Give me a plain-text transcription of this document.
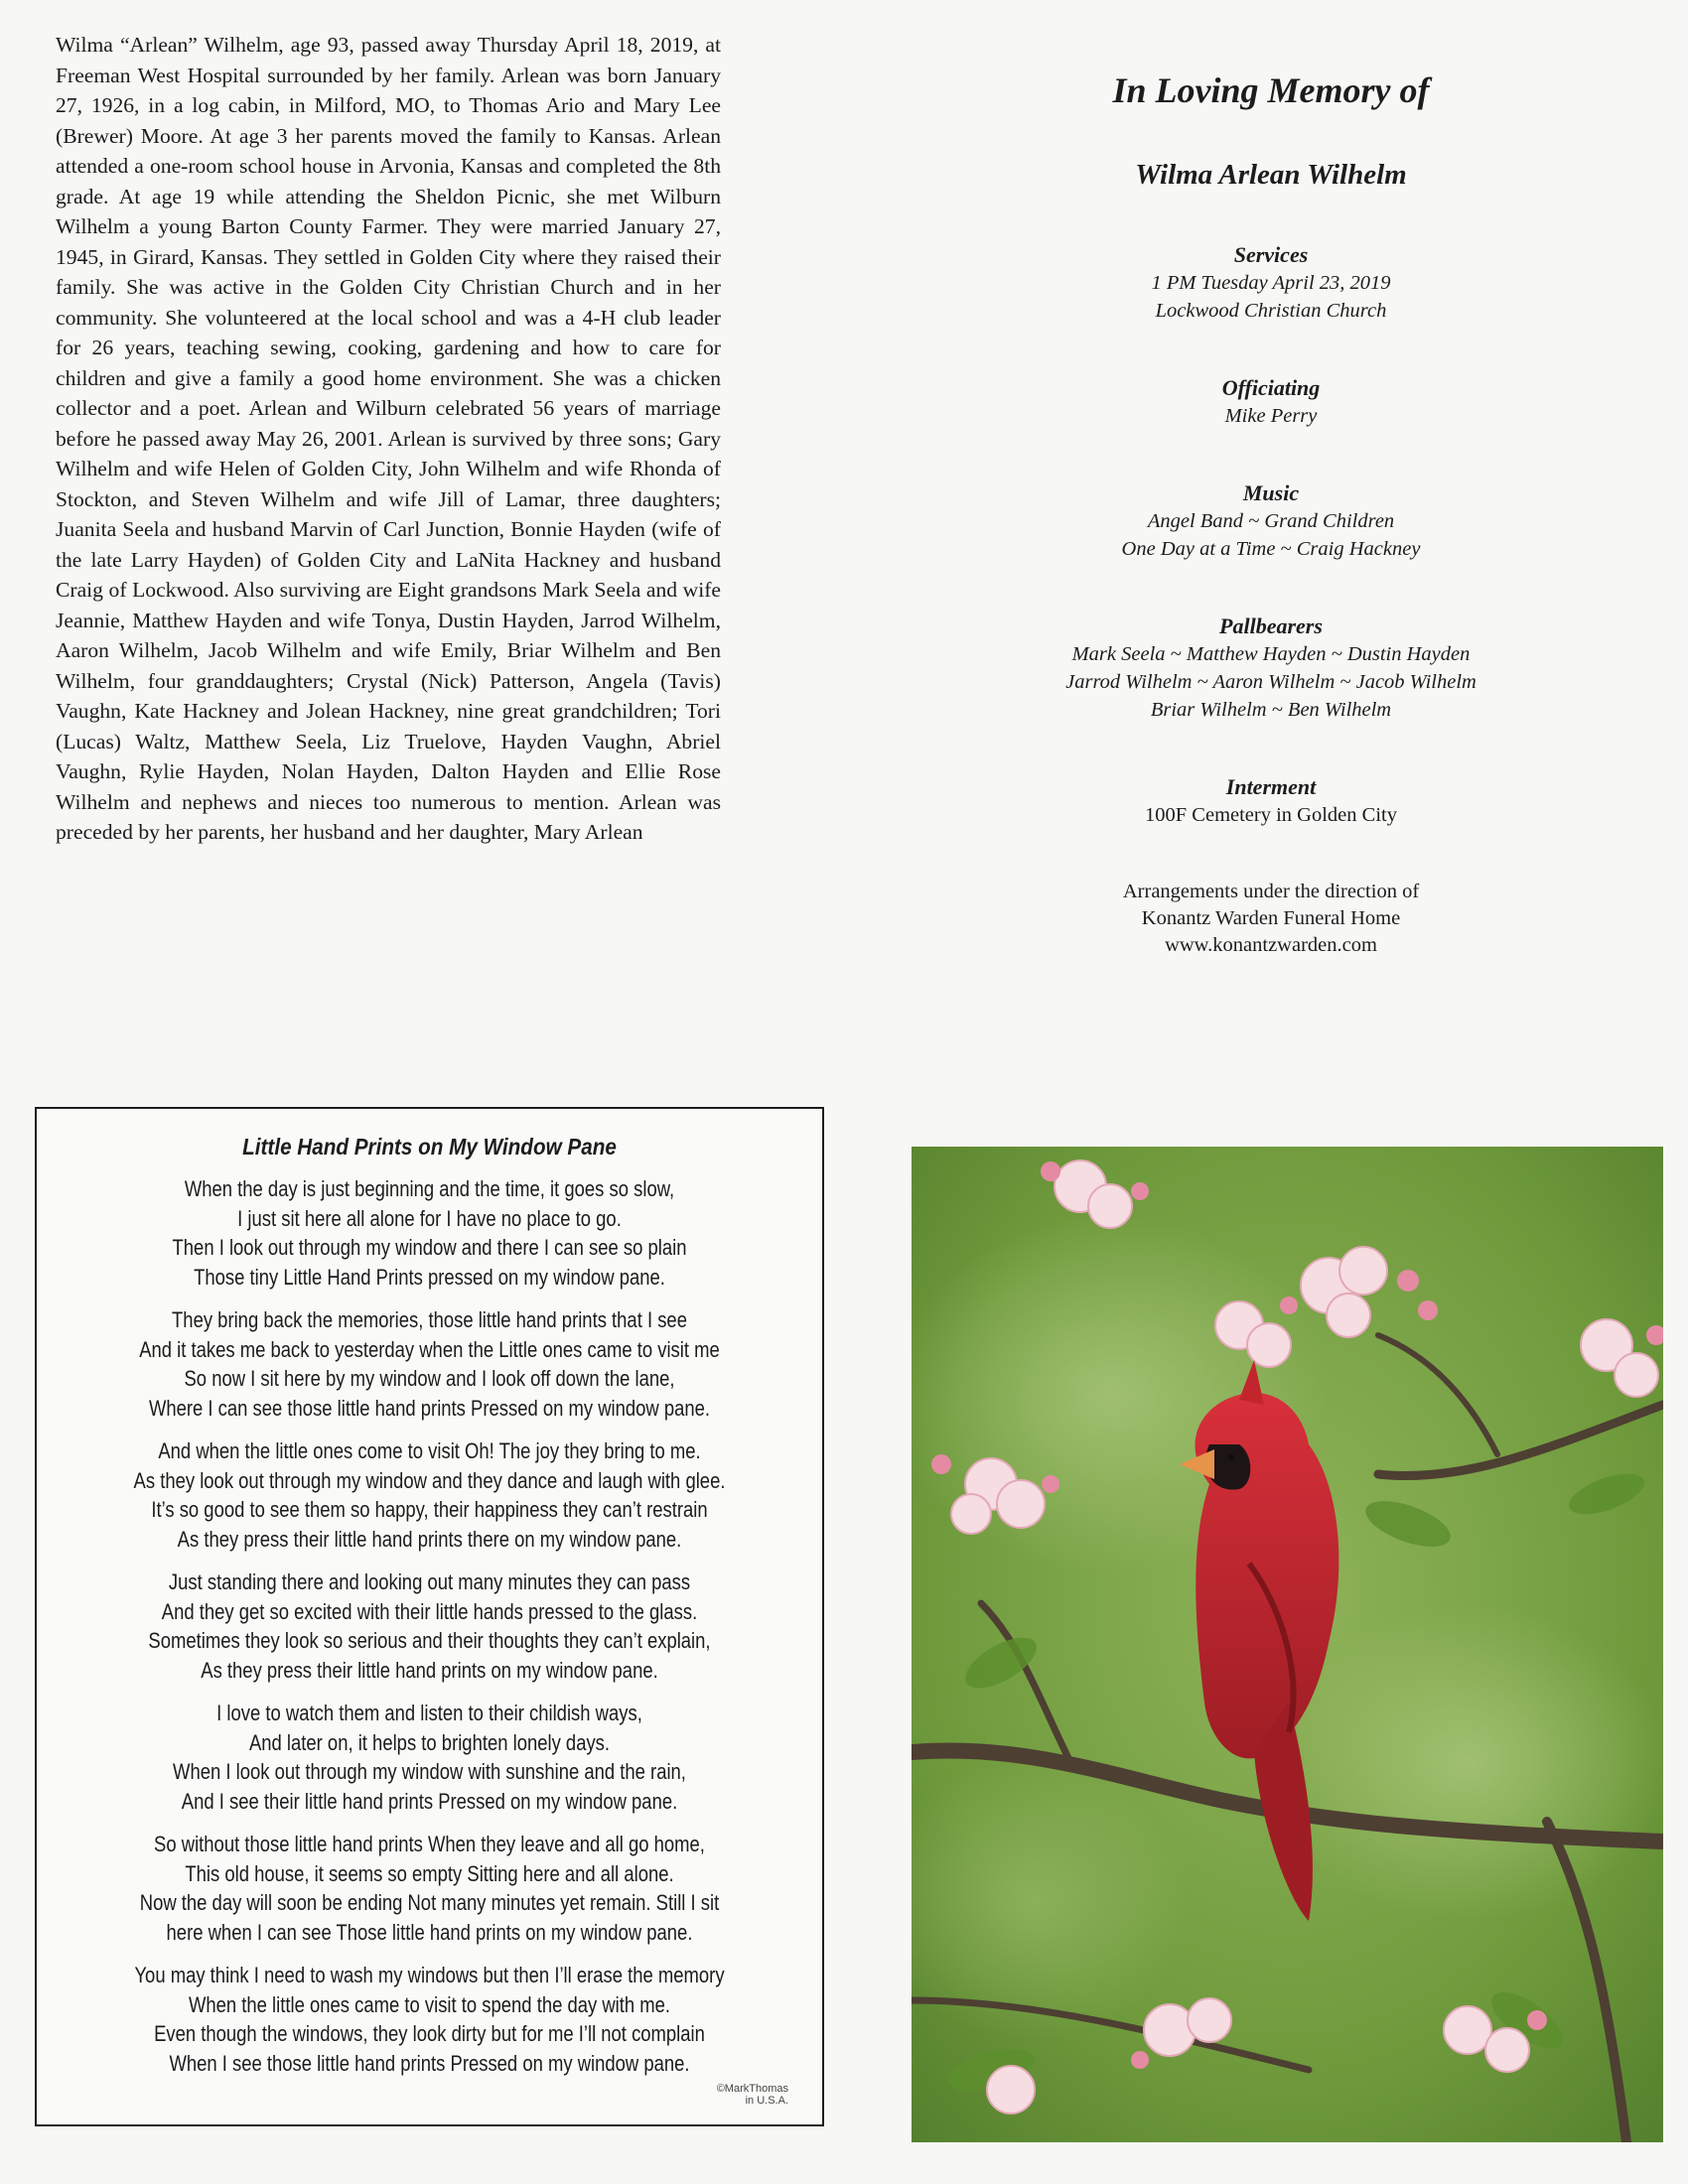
Wilma “Arlean” Wilhelm, age 93, passed away Thursday April 18, 2019, at Freeman West Hospital surrounded by her family. Arlean was born January 27, 1926, in a log cabin, in Milford, MO, to Thomas Ario and Mary Lee (Brewer) Moore. At age 3 her parents moved the family to Kansas. Arlean attended a one-room school house in Arvonia, Kansas and completed the 8th grade. At age 19 while attending the Sheldon Picnic, she met Wilburn Wilhelm a young Barton County Farmer. They were married January 27, 1945, in Girard, Kansas. They settled in Golden City where they raised their family. She was active in the Golden City Christian Church and in her community. She volunteered at the local school and was a 4-H club leader for 26 years, teaching sewing, cooking, gardening and how to care for children and give a family a good home environment. She was a chicken collector and a poet. Arlean and Wilburn celebrated 56 years of marriage before he passed away May 26, 2001. Arlean is survived by three sons; Gary Wilhelm and wife Helen of Golden City, John Wilhelm and wife Rhonda of Stockton, and Steven Wilhelm and wife Jill of Lamar, three daughters; Juanita Seela and husband Marvin of Carl Junction, Bonnie Hayden (wife of the late Larry Hayden) of Golden City and LaNita Hackney and husband Craig of Lockwood. Also surviving are Eight grandsons Mark Seela and wife Jeannie, Matthew Hayden and wife Tonya, Dustin Hayden, Jarrod Wilhelm, Aaron Wilhelm, Jacob Wilhelm and wife Emily, Briar Wilhelm and Ben Wilhelm, four granddaughters; Crystal (Nick) Patterson, Angela (Tavis) Vaughn, Kate Hackney and Jolean Hackney, nine great grandchildren; Tori (Lucas) Waltz, Matthew Seela, Liz Truelove, Hayden Vaughn, Abriel Vaughn, Rylie Hayden, Nolan Hayden, Dalton Hayden and Ellie Rose Wilhelm and nephews and nieces too numerous to mention. Arlean was preceded by her parents, her husband and her daughter, Mary Arlean

In Loving Memory of
Wilma Arlean Wilhelm
Services
1 PM Tuesday April 23, 2019
Lockwood Christian Church
Officiating
Mike Perry
Music
Angel Band ~ Grand Children
One Day at a Time ~ Craig Hackney
Pallbearers
Mark Seela ~ Matthew Hayden ~ Dustin Hayden
Jarrod Wilhelm ~ Aaron Wilhelm ~ Jacob Wilhelm
Briar Wilhelm ~ Ben Wilhelm
Interment
100F Cemetery in Golden City
Arrangements under the direction of
Konantz Warden Funeral Home
www.konantzwarden.com
Little Hand Prints on My Window Pane
When the day is just beginning and the time, it goes so slow,
I just sit here all alone for I have no place to go.
Then I look out through my window and there I can see so plain
Those tiny Little Hand Prints pressed on my window pane.
They bring back the memories, those little hand prints that I see
And it takes me back to yesterday when the Little ones came to visit me
So now I sit here by my window and I look off down the lane,
Where I can see those little hand prints Pressed on my window pane.
And when the little ones come to visit Oh! The joy they bring to me.
As they look out through my window and they dance and laugh with glee.
It’s so good to see them so happy, their happiness they can’t restrain
As they press their little hand prints there on my window pane.
Just standing there and looking out many minutes they can pass
And they get so excited with their little hands pressed to the glass.
Sometimes they look so serious and their thoughts they can’t explain,
As they press their little hand prints on my window pane.
I love to watch them and listen to their childish ways,
And later on, it helps to brighten lonely days.
When I look out through my window with sunshine and the rain,
And I see their little hand prints Pressed on my window pane.
So without those little hand prints When they leave and all go home,
This old house, it seems so empty Sitting here and all alone.
Now the day will soon be ending Not many minutes yet remain. Still I sit
here when I can see Those little hand prints on my window pane.
You may think I need to wash my windows but then I’ll erase the memory
When the little ones came to visit to spend the day with me.
Even though the windows, they look dirty but for me I’ll not complain
When I see those little hand prints Pressed on my window pane.
©MarkThomas
in U.S.A.
